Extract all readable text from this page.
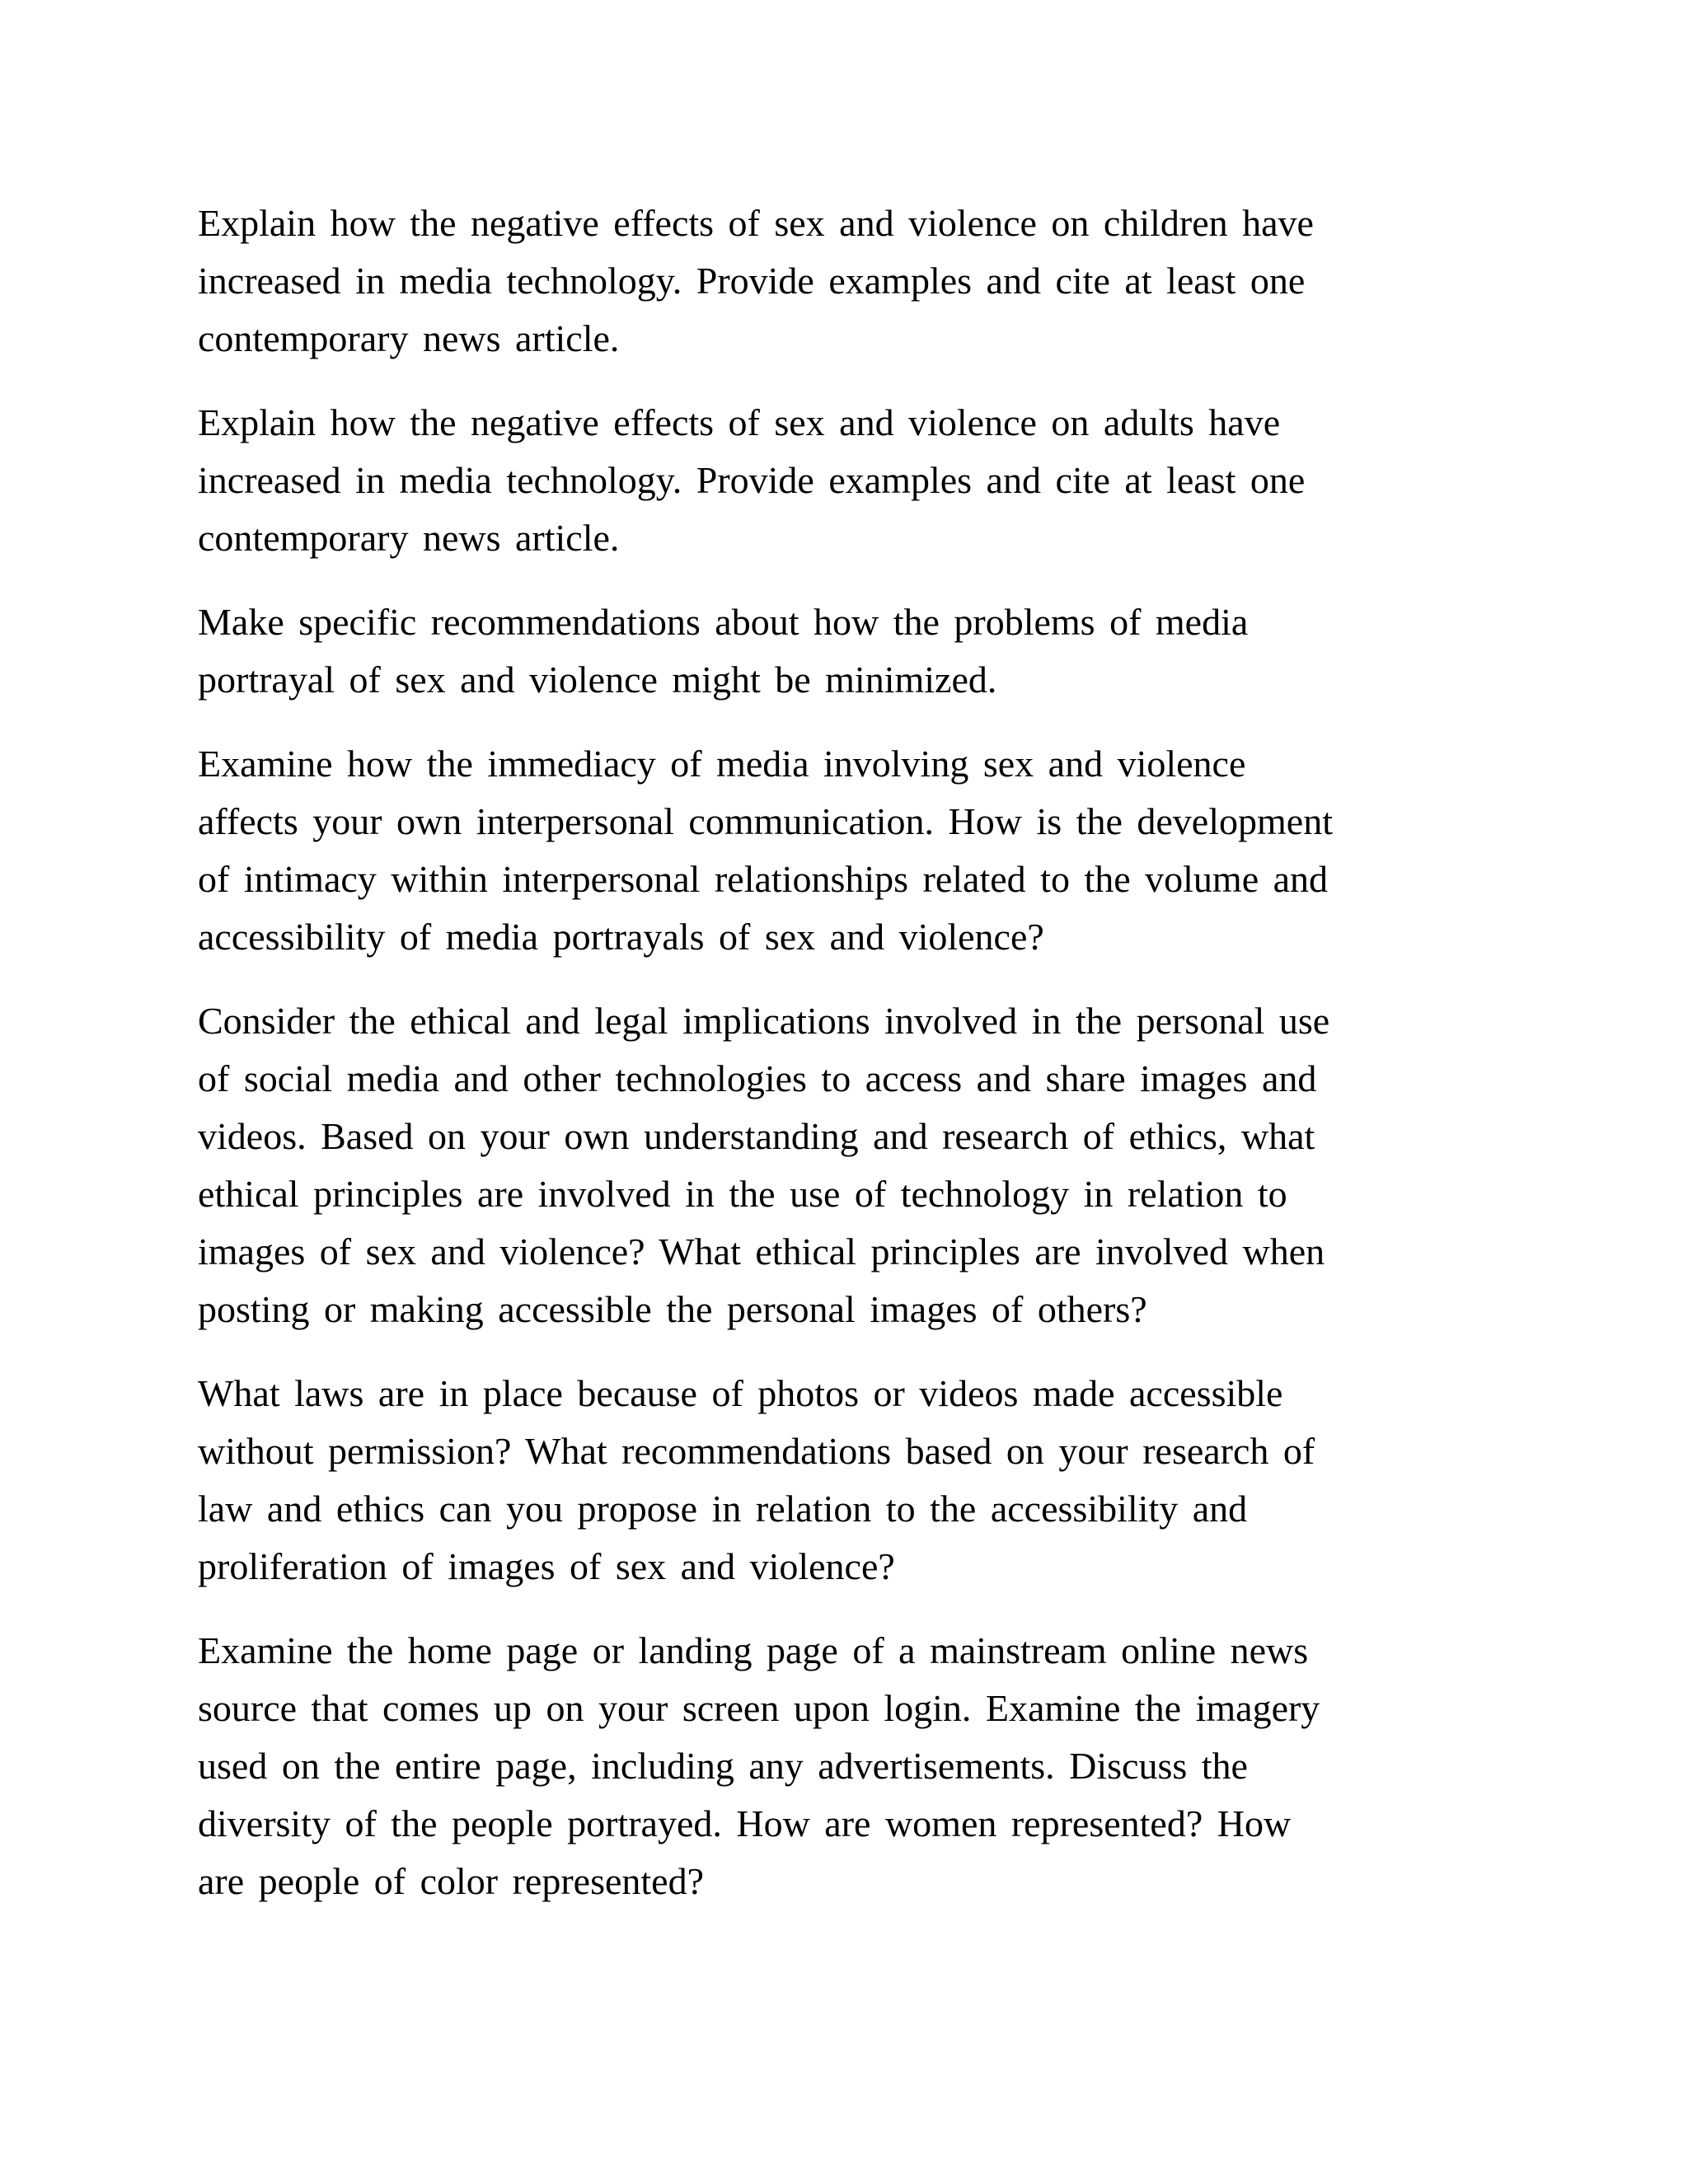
Explain how the negative effects of sex and violence on children have
increased in media technology. Provide examples and cite at least one
contemporary news article.

Explain how the negative effects of sex and violence on adults have
increased in media technology. Provide examples and cite at least one
contemporary news article.

Make specific recommendations about how the problems of media
portrayal of sex and violence might be minimized.

Examine how the immediacy of media involving sex and violence
affects your own interpersonal communication. How is the development
of intimacy within interpersonal relationships related to the volume and
accessibility of media portrayals of sex and violence?

Consider the ethical and legal implications involved in the personal use
of social media and other technologies to access and share images and
videos. Based on your own understanding and research of ethics, what
ethical principles are involved in the use of technology in relation to
images of sex and violence? What ethical principles are involved when
posting or making accessible the personal images of others?

What laws are in place because of photos or videos made accessible
without permission? What recommendations based on your research of
law and ethics can you propose in relation to the accessibility and
proliferation of images of sex and violence?

Examine the home page or landing page of a mainstream online news
source that comes up on your screen upon login. Examine the imagery
used on the entire page, including any advertisements. Discuss the
diversity of the people portrayed. How are women represented? How
are people of color represented?
